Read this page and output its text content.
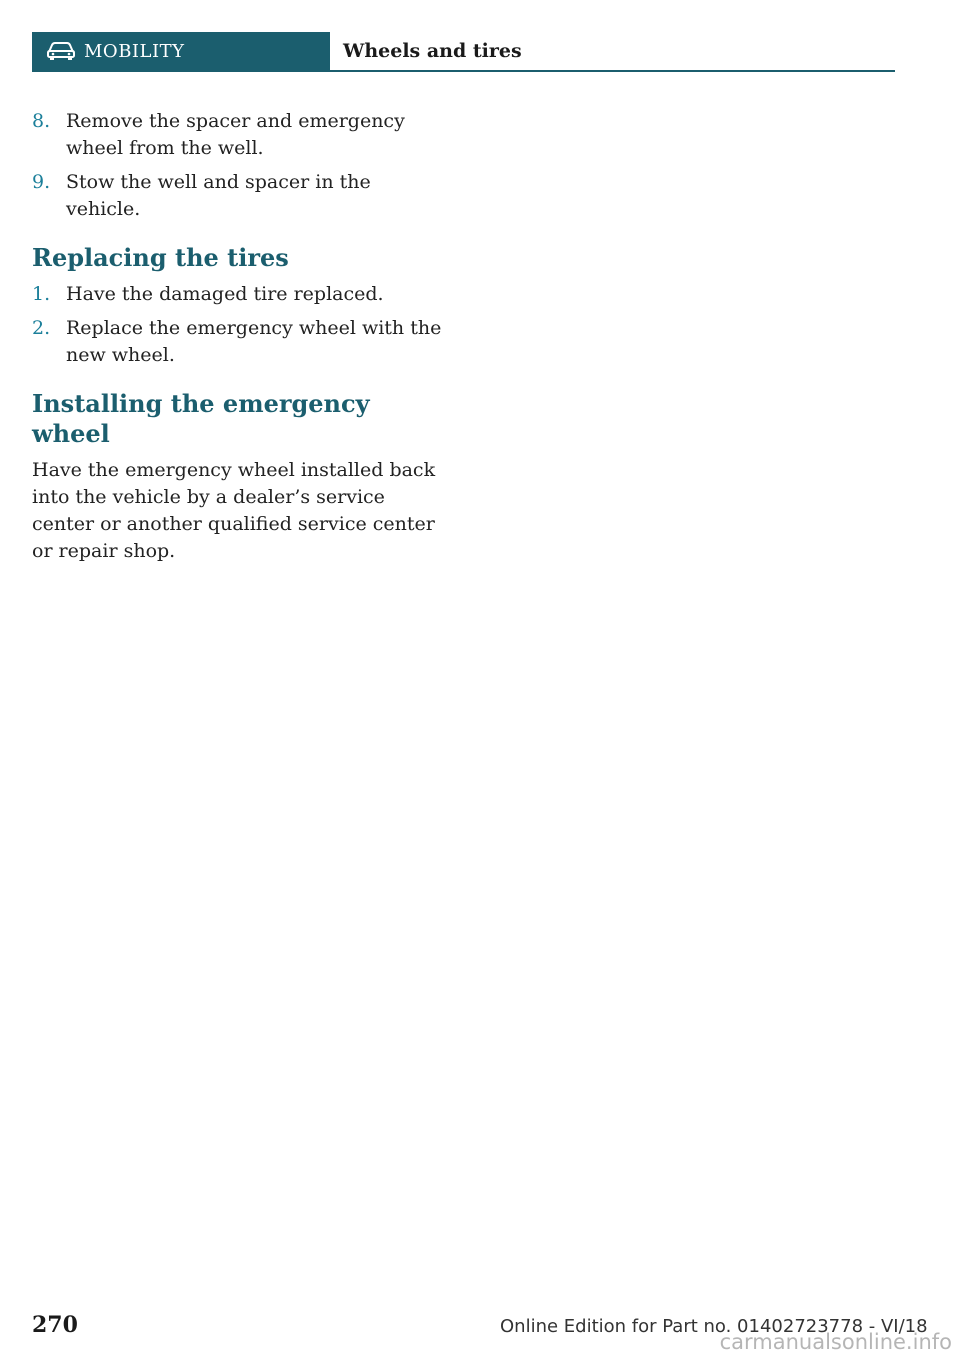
MOBILITY	Wheels and tires
8. Remove the spacer and emergency wheel from the well.
9. Stow the well and spacer in the vehicle.
Replacing the tires
1. Have the damaged tire replaced.
2. Replace the emergency wheel with the new wheel.
Installing the emergency wheel

Have the emergency wheel installed back into the vehicle by a dealer’s service center or another qualified service center or repair shop.

270	Online Edition for Part no. 01402723778 - VI/18
carmanualsonline.info
